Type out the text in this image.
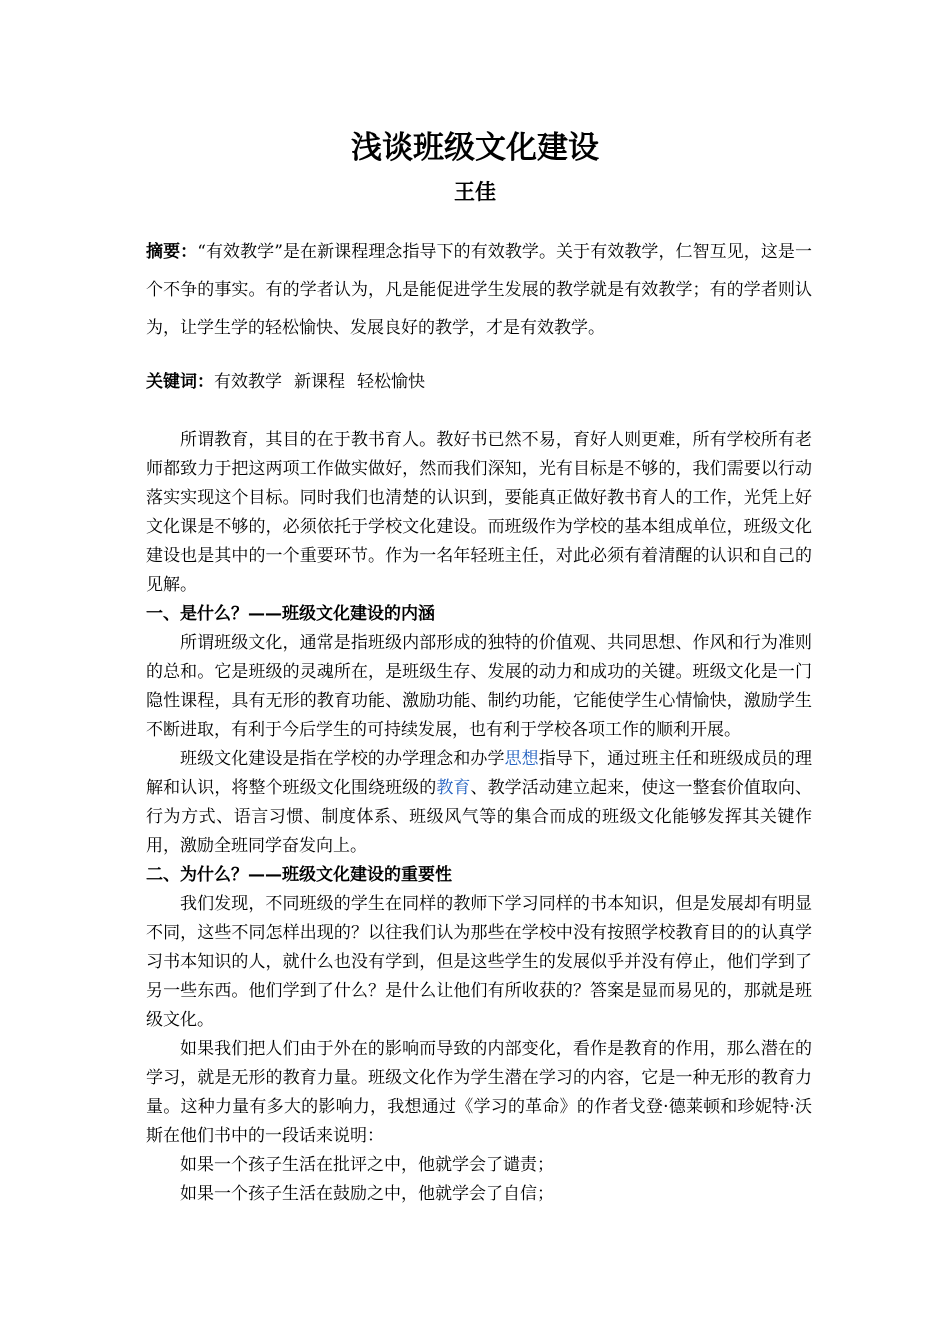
浅谈班级文化建设
王佳

摘要：“有效教学”是在新课程理念指导下的有效教学。关于有效教学，仁智互见，这是一个不争的事实。有的学者认为，凡是能促进学生发展的教学就是有效教学；有的学者则认为，让学生学的轻松愉快、发展良好的教学，才是有效教学。

关键词：有效教学 新课程 轻松愉快

所谓教育，其目的在于教书育人。教好书已然不易，育好人则更难，所有学校所有老师都致力于把这两项工作做实做好，然而我们深知，光有目标是不够的，我们需要以行动落实实现这个目标。同时我们也清楚的认识到，要能真正做好教书育人的工作，光凭上好文化课是不够的，必须依托于学校文化建设。而班级作为学校的基本组成单位，班级文化建设也是其中的一个重要环节。作为一名年轻班主任，对此必须有着清醒的认识和自己的见解。

一、是什么？——班级文化建设的内涵

所谓班级文化，通常是指班级内部形成的独特的价值观、共同思想、作风和行为准则的总和。它是班级的灵魂所在，是班级生存、发展的动力和成功的关键。班级文化是一门隐性课程，具有无形的教育功能、激励功能、制约功能，它能使学生心情愉快，激励学生不断进取，有利于今后学生的可持续发展，也有利于学校各项工作的顺利开展。

班级文化建设是指在学校的办学理念和办学思想指导下，通过班主任和班级成员的理解和认识，将整个班级文化围绕班级的教育、教学活动建立起来，使这一整套价值取向、行为方式、语言习惯、制度体系、班级风气等的集合而成的班级文化能够发挥其关键作用，激励全班同学奋发向上。

二、为什么？——班级文化建设的重要性

我们发现，不同班级的学生在同样的教师下学习同样的书本知识，但是发展却有明显不同，这些不同怎样出现的？以往我们认为那些在学校中没有按照学校教育目的的认真学习书本知识的人，就什么也没有学到，但是这些学生的发展似乎并没有停止，他们学到了另一些东西。他们学到了什么？是什么让他们有所收获的？答案是显而易见的，那就是班级文化。

如果我们把人们由于外在的影响而导致的内部变化，看作是教育的作用，那么潜在的学习，就是无形的教育力量。班级文化作为学生潜在学习的内容，它是一种无形的教育力量。这种力量有多大的影响力，我想通过《学习的革命》的作者戈登·德莱顿和珍妮特·沃斯在他们书中的一段话来说明：

如果一个孩子生活在批评之中，他就学会了谴责；

如果一个孩子生活在鼓励之中，他就学会了自信；
